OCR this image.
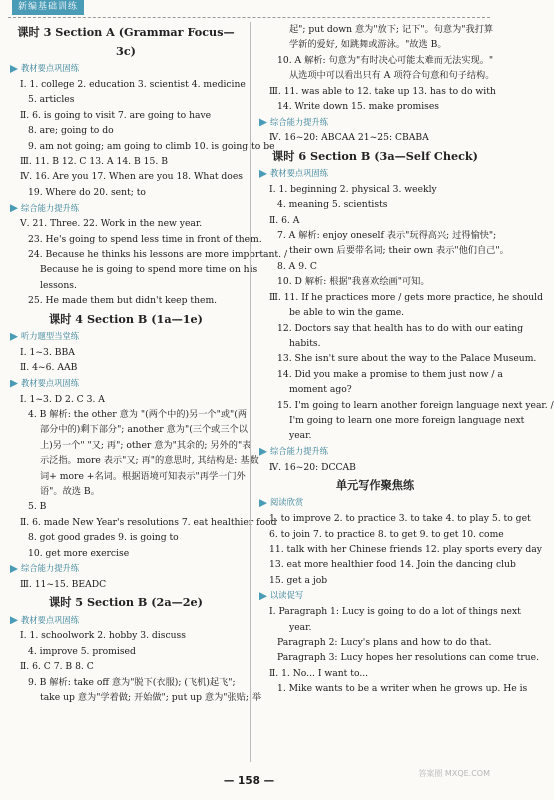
新编基础训练
课时 3 Section A (Grammar Focus—3c)
教材要点巩固练
Ⅰ. 1. college 2. education 3. scientist 4. medicine
5. articles
Ⅱ. 6. is going to visit 7. are going to have
8. are; going to do
9. am not going; am going to climb 10. is going to be
Ⅲ. 11. B 12. C 13. A 14. B 15. B
Ⅳ. 16. Are you 17. When are you 18. What does
19. Where do 20. sent; to
综合能力提升练
Ⅴ. 21. Three. 22. Work in the new year.
23. He's going to spend less time in front of them.
24. Because he thinks his lessons are more important. /
Because he is going to spend more time on his
lessons.
25. He made them but didn't keep them.
课时 4 Section B (1a—1e)
听力题型当堂练
Ⅰ. 1~3. BBA
Ⅱ. 4~6. AAB
教材要点巩固练
Ⅰ. 1~3. D 2. C 3. A
4. B 解析: the other 意为 "(两个中的)另一个"或"(两
部分中的)剩下部分"; another 意为"(三个或三个以
上)另一个" "又; 再"; other 意为"其余的; 另外的"表
示泛指。more 表示"又; 再"的意思时, 其结构是: 基数
词+ more +名词。根据语境可知表示"再学一门外
语"。故选 B。
5. B
Ⅱ. 6. made New Year's resolutions 7. eat healthier food
8. got good grades 9. is going to
10. get more exercise
综合能力提升练
Ⅲ. 11~15. BEADC
课时 5 Section B (2a—2e)
教材要点巩固练
Ⅰ. 1. schoolwork 2. hobby 3. discuss
4. improve 5. promised
Ⅱ. 6. C 7. B 8. C
9. B 解析: take off 意为"脱下(衣服); (飞机)起飞";
take up 意为"学着做; 开始做"; put up 意为"张贴; 举
起"; put down 意为"放下; 记下"。句意为"我打算
学新的爱好, 如跳舞或游泳。"故选 B。
10. A 解析: 句意为"有时决心可能太难而无法实现。"
从选项中可以看出只有 A 项符合句意和句子结构。
Ⅲ. 11. was able to 12. take up 13. has to do with
14. Write down 15. make promises
综合能力提升练
Ⅳ. 16~20: ABCAA 21~25: CBABA
课时 6 Section B (3a—Self Check)
教材要点巩固练
Ⅰ. 1. beginning 2. physical 3. weekly
4. meaning 5. scientists
Ⅱ. 6. A
7. A 解析: enjoy oneself 表示"玩得高兴; 过得愉快";
their own 后要带名词; their own 表示"他们自己"。
8. A 9. C
10. D 解析: 根据"我喜欢绘画"可知。
Ⅲ. 11. If he practices more / gets more practice, he should
be able to win the game.
12. Doctors say that health has to do with our eating
habits.
13. She isn't sure about the way to the Palace Museum.
14. Did you make a promise to them just now / a
moment ago?
15. I'm going to learn another foreign language next year. /
I'm going to learn one more foreign language next
year.
综合能力提升练
Ⅳ. 16~20: DCCAB
单元写作聚焦练
阅读欣赏
1. to improve 2. to practice 3. to take 4. to play 5. to get
6. to join 7. to practice 8. to get 9. to get 10. come
11. talk with her Chinese friends 12. play sports every day
13. eat more healthier food 14. Join the dancing club
15. get a job
以读促写
Ⅰ. Paragraph 1: Lucy is going to do a lot of things next
year.
Paragraph 2: Lucy's plans and how to do that.
Paragraph 3: Lucy hopes her resolutions can come true.
Ⅱ. 1. No... I want to...
1. Mike wants to be a writer when he grows up. He is
— 158 —
答案圈 MXQE.COM
